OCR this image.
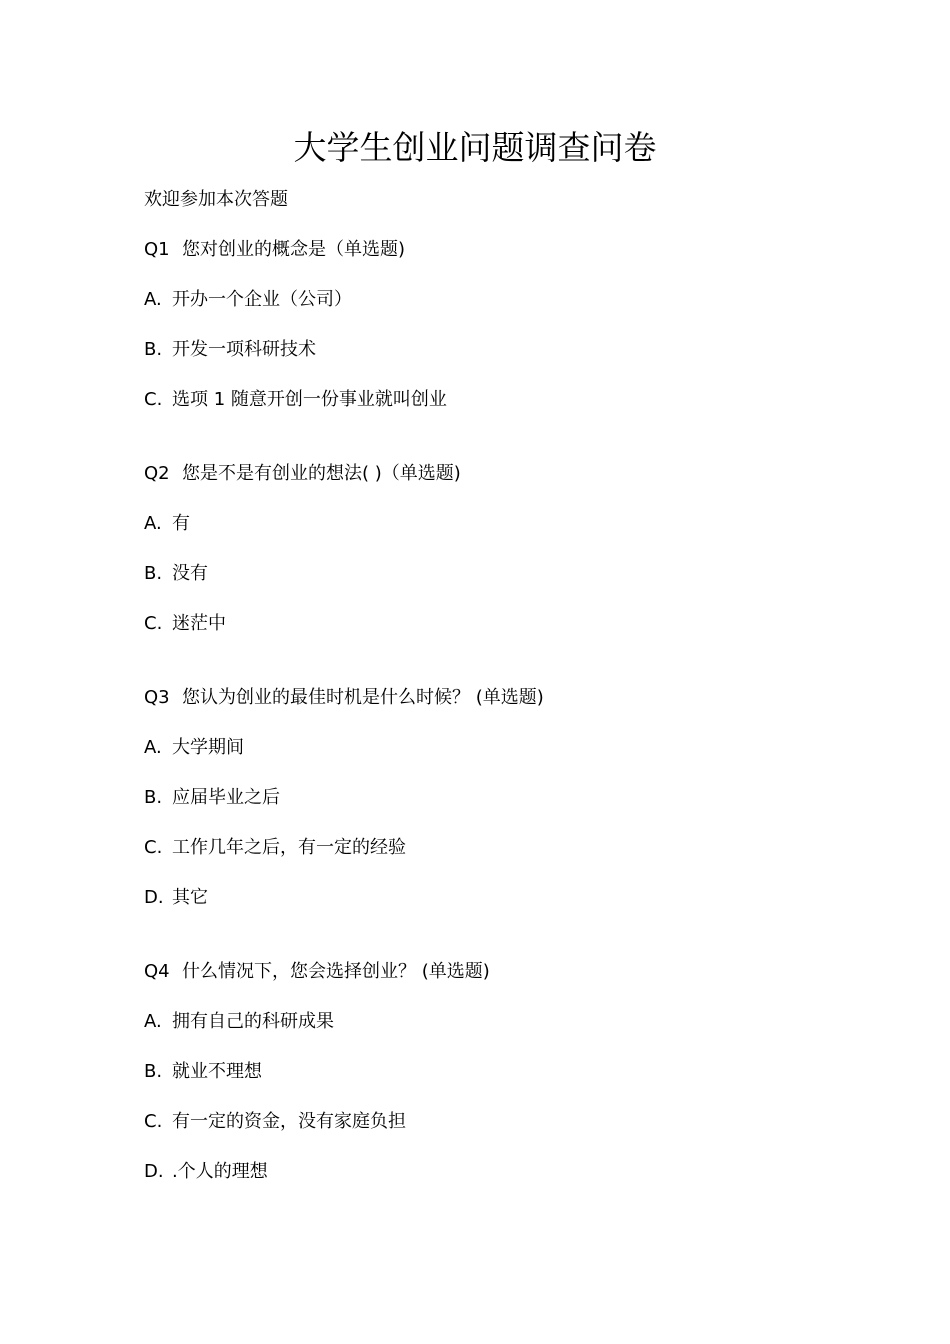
大学生创业问题调查问卷
欢迎参加本次答题
Q1 您对创业的概念是（单选题)
A. 开办一个企业（公司）
B. 开发一项科研技术
C. 选项 1 随意开创一份事业就叫创业
Q2 您是不是有创业的想法( )（单选题)
A. 有
B. 没有
C. 迷茫中
Q3 您认为创业的最佳时机是什么时候？ (单选题)
A. 大学期间
B. 应届毕业之后
C. 工作几年之后，有一定的经验
D. 其它
Q4 什么情况下，您会选择创业？ (单选题)
A. 拥有自己的科研成果
B. 就业不理想
C. 有一定的资金，没有家庭负担
D. .个人的理想
